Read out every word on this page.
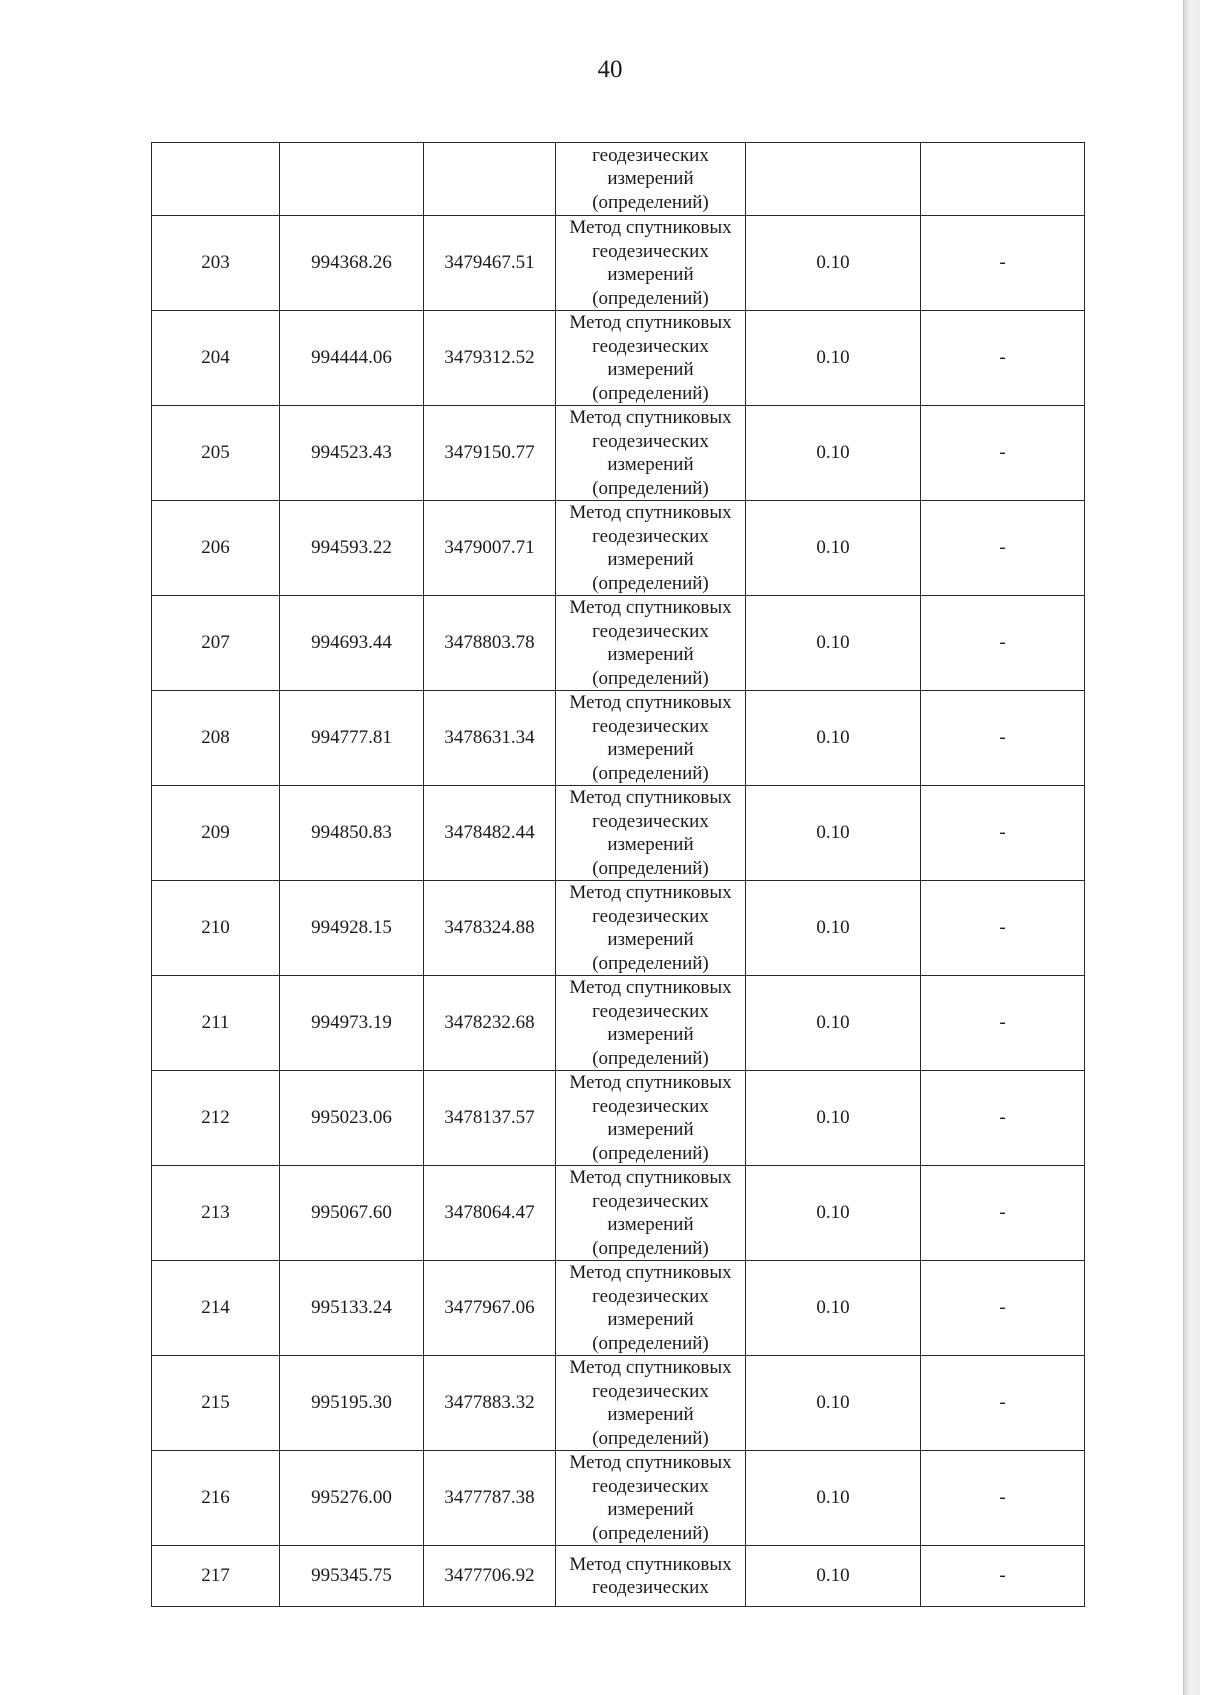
40

			геодезических
измерений
(определений)		

203	994368.26	3479467.51	Метод спутниковых
геодезических
измерений
(определений)	0.10	-
204	994444.06	3479312.52	Метод спутниковых
геодезических
измерений
(определений)	0.10	-
205	994523.43	3479150.77	Метод спутниковых
геодезических
измерений
(определений)	0.10	-
206	994593.22	3479007.71	Метод спутниковых
геодезических
измерений
(определений)	0.10	-
207	994693.44	3478803.78	Метод спутниковых
геодезических
измерений
(определений)	0.10	-
208	994777.81	3478631.34	Метод спутниковых
геодезических
измерений
(определений)	0.10	-
209	994850.83	3478482.44	Метод спутниковых
геодезических
измерений
(определений)	0.10	-
210	994928.15	3478324.88	Метод спутниковых
геодезических
измерений
(определений)	0.10	-
211	994973.19	3478232.68	Метод спутниковых
геодезических
измерений
(определений)	0.10	-
212	995023.06	3478137.57	Метод спутниковых
геодезических
измерений
(определений)	0.10	-
213	995067.60	3478064.47	Метод спутниковых
геодезических
измерений
(определений)	0.10	-
214	995133.24	3477967.06	Метод спутниковых
геодезических
измерений
(определений)	0.10	-
215	995195.30	3477883.32	Метод спутниковых
геодезических
измерений
(определений)	0.10	-
216	995276.00	3477787.38	Метод спутниковых
геодезических
измерений
(определений)	0.10	-
217	995345.75	3477706.92	Метод спутниковых
геодезических	0.10	-
